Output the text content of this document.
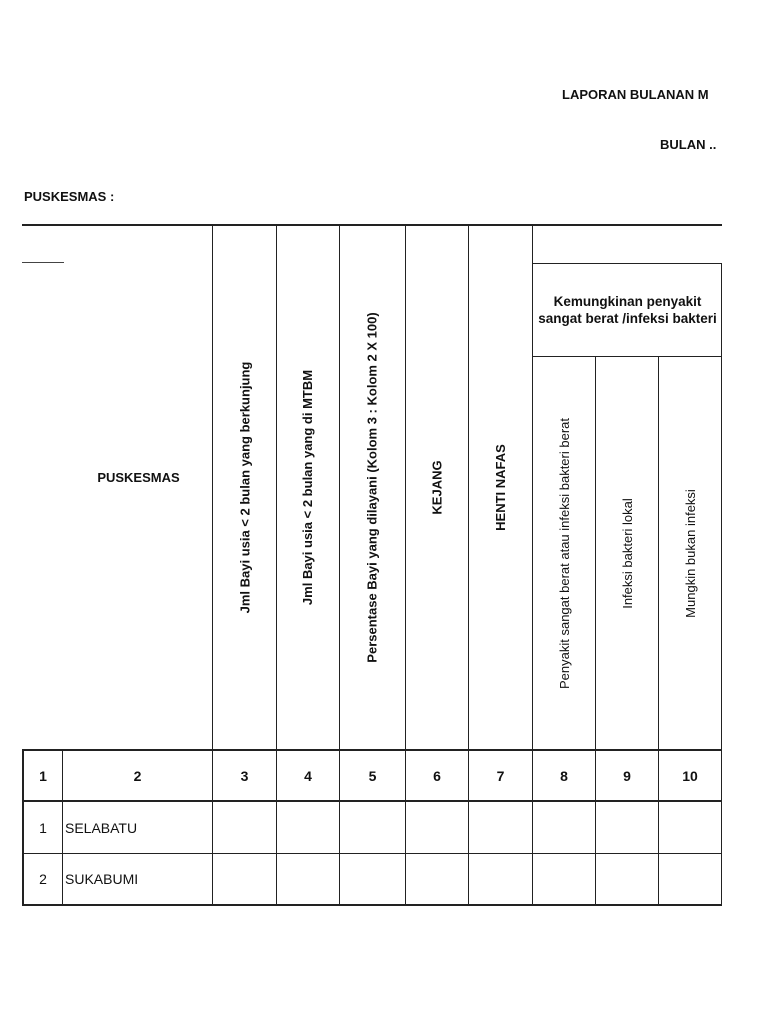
LAPORAN BULANAN M
BULAN ..
PUSKESMAS :
PUSKESMAS	Jml Bayi usia < 2 bulan yang berkunjung	Jml Bayi usia < 2 bulan yang di MTBM	Persentase Bayi yang dilayani (Kolom 3 : Kolom 2 X 100)	KEJANG	HENTI NAFAS
Kemungkinan penyakit sangat berat /infeksi bakteri
Penyakit sangat berat atau infeksi bakteri berat	Infeksi bakteri lokal	Mungkin bukan infeksi
1	2	3	4	5	6	7	8	9	10
1	SELABATU
2	SUKABUMI
